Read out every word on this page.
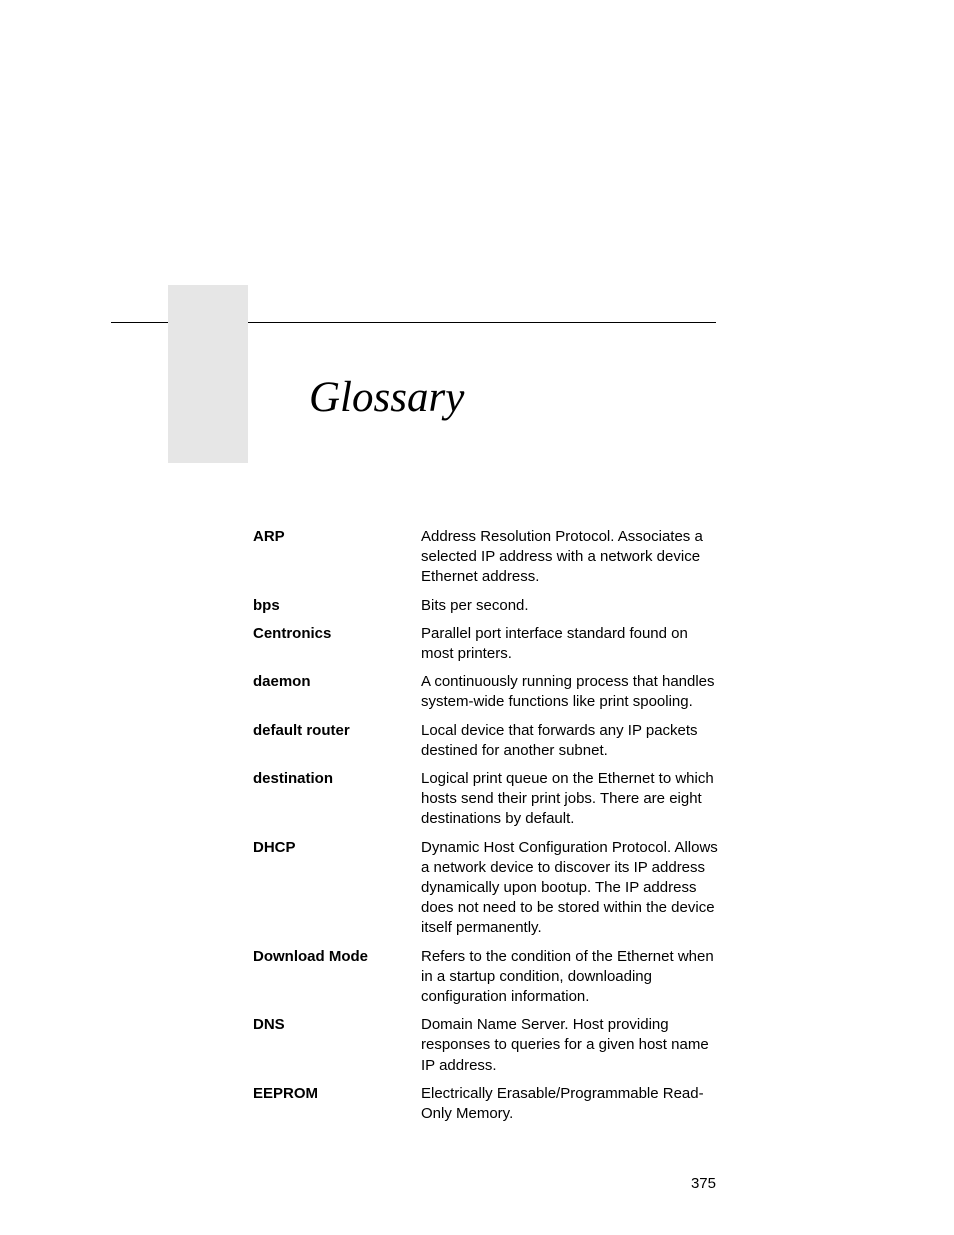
Glossary
ARP	Address Resolution Protocol. Associates a selected IP address with a network device Ethernet address.
bps	Bits per second.
Centronics	Parallel port interface standard found on most printers.
daemon	A continuously running process that handles system-wide functions like print spooling.
default router	Local device that forwards any IP packets destined for another subnet.
destination	Logical print queue on the Ethernet to which hosts send their print jobs. There are eight destinations by default.
DHCP	Dynamic Host Configuration Protocol. Allows a network device to discover its IP address dynamically upon bootup. The IP address does not need to be stored within the device itself permanently.
Download Mode	Refers to the condition of the Ethernet when in a startup condition, downloading configuration information.
DNS	Domain Name Server. Host providing responses to queries for a given host name IP address.
EEPROM	Electrically Erasable/Programmable Read-Only Memory.
375
